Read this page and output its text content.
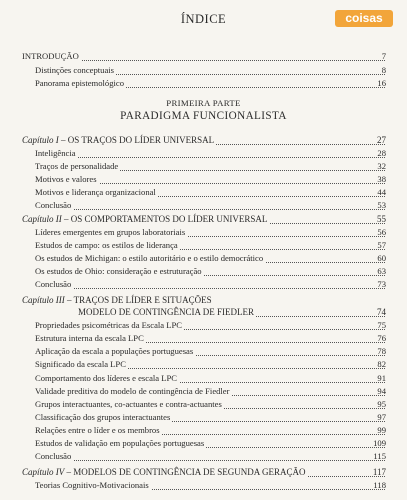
ÍNDICE	coisas
INTRODUÇÃO	7
Distinções conceptuais	8
Panorama epistemológico	16
PRIMEIRA PARTE
PARADIGMA FUNCIONALISTA
Capítulo I – OS TRAÇOS DO LÍDER UNIVERSAL	27
Inteligência	28
Traços de personalidade	32
Motivos e valores	38
Motivos e liderança organizacional	44
Conclusão	53
Capítulo II – OS COMPORTAMENTOS DO LÍDER UNIVERSAL	55
Líderes emergentes em grupos laboratoriais	56
Estudos de campo: os estilos de liderança	57
Os estudos de Michigan: o estilo autoritário e o estilo democrático	60
Os estudos de Ohio: consideração e estruturação	63
Conclusão	73
Capítulo III – TRAÇOS DE LÍDER E SITUAÇÕES
MODELO DE CONTINGÊNCIA DE FIEDLER	74
Propriedades psicométricas da Escala LPC	75
Estrutura interna da escala LPC	76
Aplicação da escala a populações portuguesas	78
Significado da escala LPC	82
Comportamento dos líderes e escala LPC	91
Validade preditiva do modelo de contingência de Fiedler	94
Grupos interactuantes, co-actuantes e contra-actuantes	95
Classificação dos grupos interactuantes	97
Relações entre o líder e os membros	99
Estudos de validação em populações portuguesas	109
Conclusão	115
Capítulo IV – MODELOS DE CONTINGÊNCIA DE SEGUNDA GERAÇÃO	117
Teorias Cognitivo-Motivacionais	118
